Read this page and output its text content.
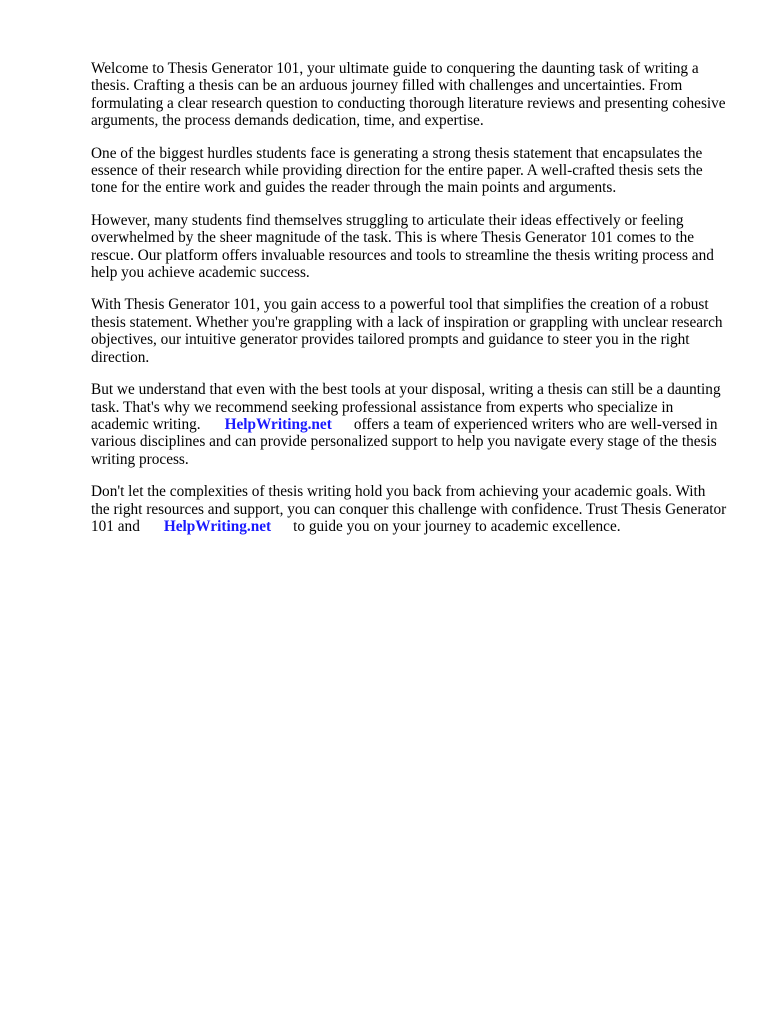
Welcome to Thesis Generator 101, your ultimate guide to conquering the daunting task of writing a thesis. Crafting a thesis can be an arduous journey filled with challenges and uncertainties. From formulating a clear research question to conducting thorough literature reviews and presenting cohesive arguments, the process demands dedication, time, and expertise.

One of the biggest hurdles students face is generating a strong thesis statement that encapsulates the essence of their research while providing direction for the entire paper. A well-crafted thesis sets the tone for the entire work and guides the reader through the main points and arguments.

However, many students find themselves struggling to articulate their ideas effectively or feeling overwhelmed by the sheer magnitude of the task. This is where Thesis Generator 101 comes to the rescue. Our platform offers invaluable resources and tools to streamline the thesis writing process and help you achieve academic success.

With Thesis Generator 101, you gain access to a powerful tool that simplifies the creation of a robust thesis statement. Whether you're grappling with a lack of inspiration or grappling with unclear research objectives, our intuitive generator provides tailored prompts and guidance to steer you in the right direction.

But we understand that even with the best tools at your disposal, writing a thesis can still be a daunting task. That's why we recommend seeking professional assistance from experts who specialize in academic writing. HelpWriting.net offers a team of experienced writers who are well-versed in various disciplines and can provide personalized support to help you navigate every stage of the thesis writing process.

Don't let the complexities of thesis writing hold you back from achieving your academic goals. With the right resources and support, you can conquer this challenge with confidence. Trust Thesis Generator 101 and HelpWriting.net to guide you on your journey to academic excellence.
